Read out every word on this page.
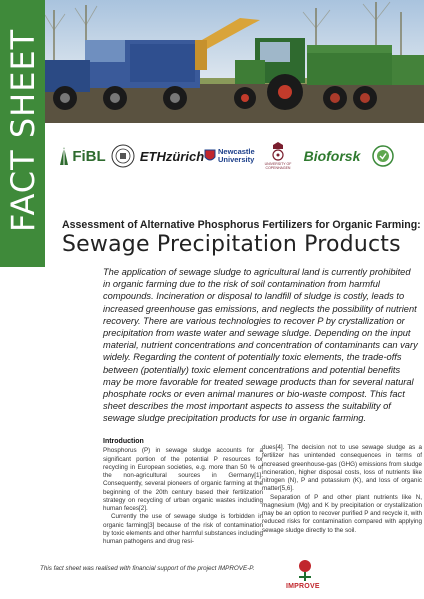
FACT SHEET FiBL	ETHzürich Newcastle
University	UNIVERSITY OF COPENHAGEN
Bioforsk
Assessment of Alternative Phosphorus Fertilizers for Organic Farming:
Sewage Precipitation Products
The application of sewage sludge to agricultural land is currently prohibited in organic farming due to the risk of soil contamination from harmful compounds. Incineration or disposal to landfill of sludge is costly, leads to increased greenhouse gas emissions, and neglects the possibility of nutrient recovery. There are various technologies to recover P by crystallization or precipitation from waste water and sewage sludge. Depending on the input material, nutrient concentrations and concentration of contaminants can vary widely. Regarding the content of potentially toxic elements, the trade-offs between (potentially) toxic element concentrations and potential benefits may be more favorable for treated sewage products than for several natural phosphate rocks or even animal manures or bio-waste compost. This fact sheet describes the most important aspects to assess the suitability of sewage sludge precipitation products for use in organic farming.
Introduction

Phosphorus (P) in sewage sludge accounts for a significant portion of the potential P resources for recycling in European societies, e.g. more than 50 % of the non-agricultural sources in Germany[1]. Consequently, several pioneers of organic farming at the beginning of the 20th century based their fertilization strategy on recycling of urban organic wastes including human feces[2].

Currently the use of sewage sludge is forbidden in organic farming[3] because of the risk of contamination by toxic elements and other harmful substances including human pathogens and drug resi-

dues[4]. The decision not to use sewage sludge as a fertilizer has unintended consequences in terms of increased greenhouse-gas (GHG) emissions from sludge incineration, higher disposal costs, loss of nutrients like nitrogen (N), P and potassium (K), and loss of organic matter[5,6].

Separation of P and other plant nutrients like N, magnesium (Mg) and K by precipitation or crystallization may be an option to recover purified P and recycle it, with reduced risks for contamination compared with applying sewage sludge directly to the soil.

This fact sheet was realised with financial support of the project IMPROVE-P.
IMPROVE
